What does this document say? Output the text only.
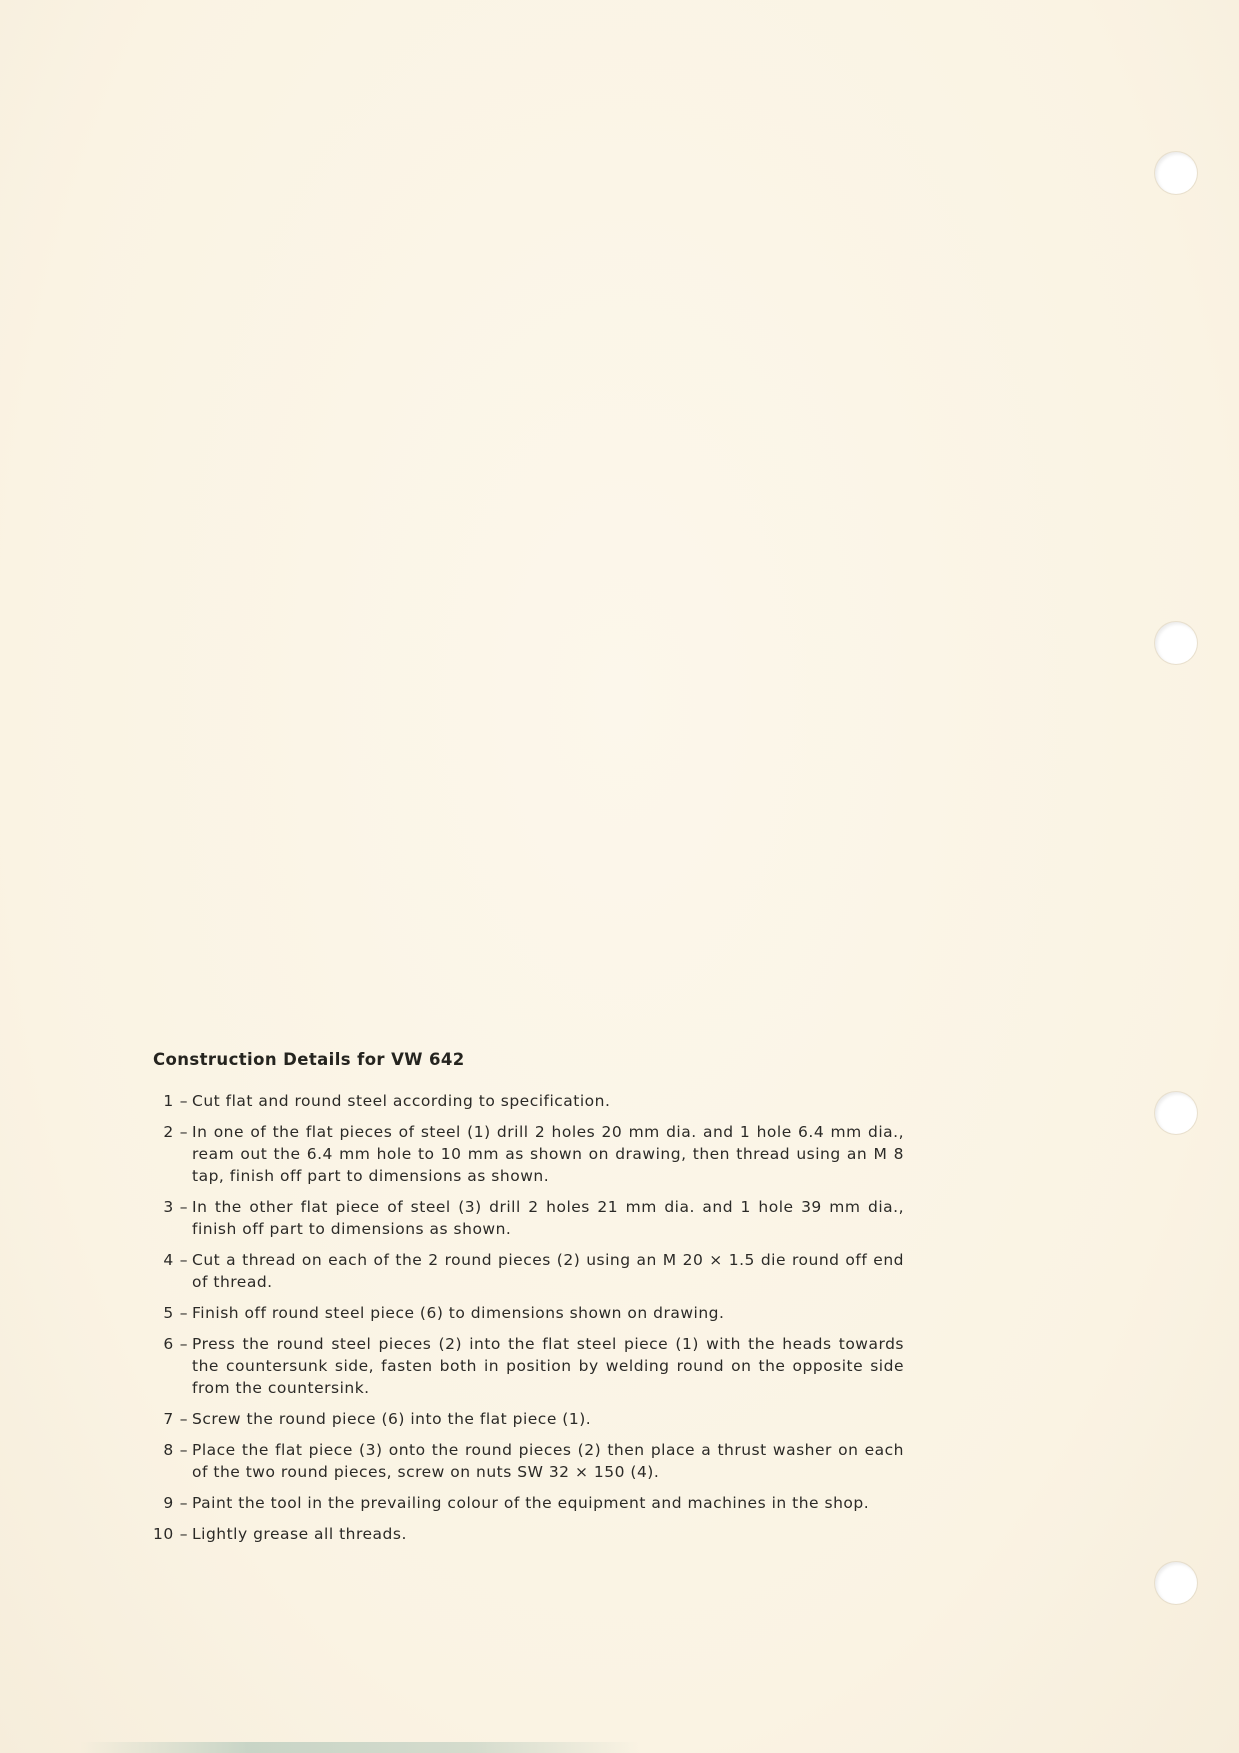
Construction Details for VW 642
1 – Cut flat and round steel according to specification.
2 – In one of the flat pieces of steel (1) drill 2 holes 20 mm dia. and 1 hole 6.4 mm dia., ream out the 6.4 mm hole to 10 mm as shown on drawing, then thread using an M 8 tap, finish off part to dimensions as shown.
3 – In the other flat piece of steel (3) drill 2 holes 21 mm dia. and 1 hole 39 mm dia., finish off part to dimensions as shown.
4 – Cut a thread on each of the 2 round pieces (2) using an M 20 × 1.5 die round off end of thread.
5 – Finish off round steel piece (6) to dimensions shown on drawing.
6 – Press the round steel pieces (2) into the flat steel piece (1) with the heads towards the countersunk side, fasten both in position by welding round on the opposite side from the countersink.
7 – Screw the round piece (6) into the flat piece (1).
8 – Place the flat piece (3) onto the round pieces (2) then place a thrust washer on each of the two round pieces, screw on nuts SW 32 × 150 (4).
9 – Paint the tool in the prevailing colour of the equipment and machines in the shop.
10 – Lightly grease all threads.
